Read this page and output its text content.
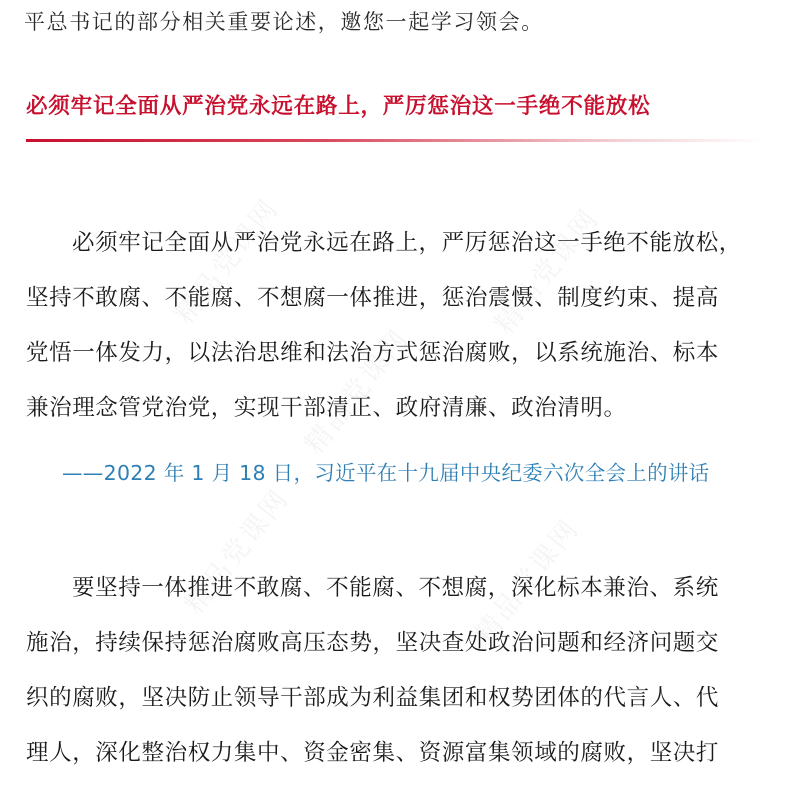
平总书记的部分相关重要论述，邀您一起学习领会。
必须牢记全面从严治党永远在路上，严厉惩治这一手绝不能放松
精品党课网	精品党课网
精品党课网
精品党课网	精品党课网
必须牢记全面从严治党永远在路上，严厉惩治这一手绝不能放松，
坚持不敢腐、不能腐、不想腐一体推进，惩治震慑、制度约束、提高
党悟一体发力，以法治思维和法治方式惩治腐败，以系统施治、标本
兼治理念管党治党，实现干部清正、政府清廉、政治清明。
——2022 年 1 月 18 日，习近平在十九届中央纪委六次全会上的讲话
要坚持一体推进不敢腐、不能腐、不想腐，深化标本兼治、系统
施治，持续保持惩治腐败高压态势，坚决查处政治问题和经济问题交
织的腐败，坚决防止领导干部成为利益集团和权势团体的代言人、代
理人，深化整治权力集中、资金密集、资源富集领域的腐败，坚决打
